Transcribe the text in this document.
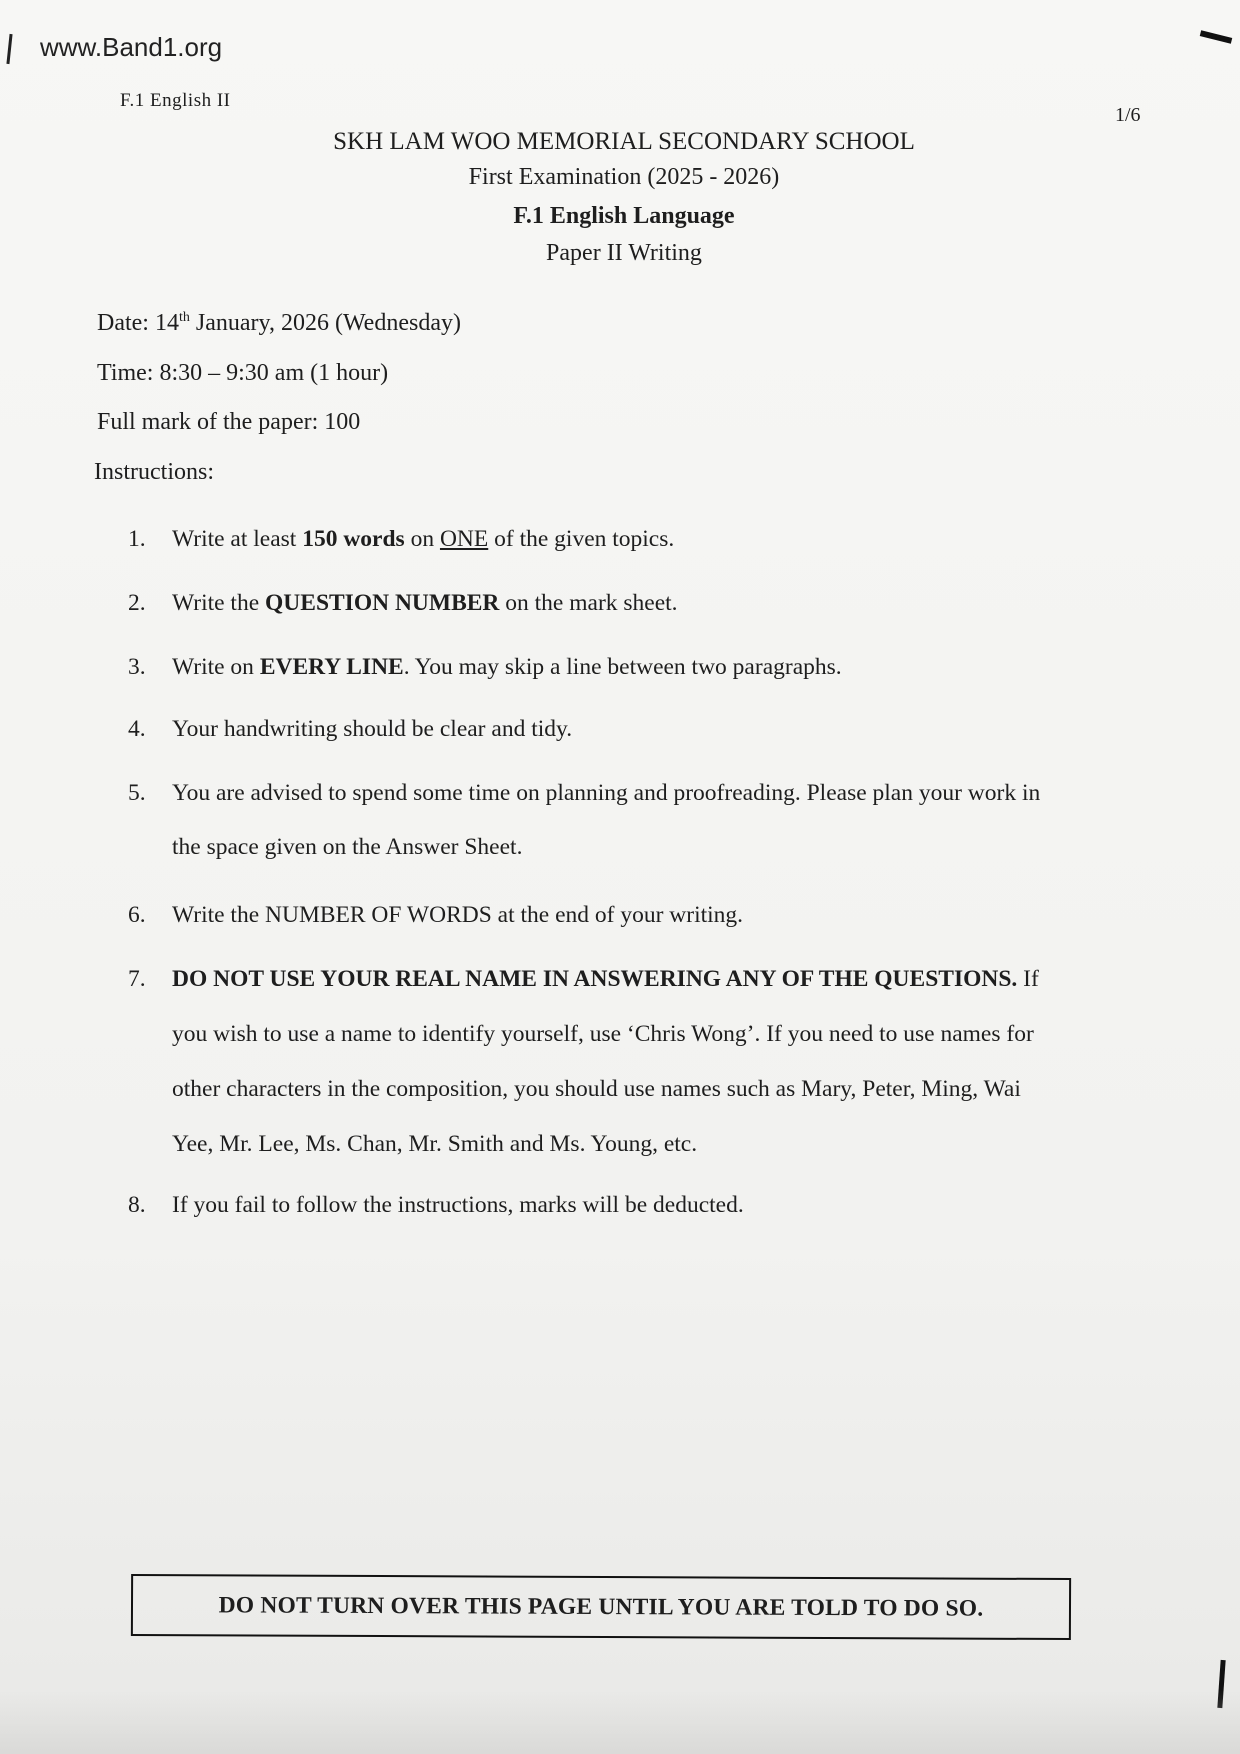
www.Band1.org
F.1 English II
1/6
SKH LAM WOO MEMORIAL SECONDARY SCHOOL
First Examination (2025 - 2026)
F.1 English Language
Paper II Writing
Date: 14th January, 2026 (Wednesday)
Time: 8:30 – 9:30 am (1 hour)
Full mark of the paper: 100
Instructions:
1.	Write at least 150 words on ONE of the given topics.
2.	Write the QUESTION NUMBER on the mark sheet.
3.	Write on EVERY LINE. You may skip a line between two paragraphs.
4.	Your handwriting should be clear and tidy.
5.	You are advised to spend some time on planning and proofreading. Please plan your work in
the space given on the Answer Sheet.
6.	Write the NUMBER OF WORDS at the end of your writing.
7.	DO NOT USE YOUR REAL NAME IN ANSWERING ANY OF THE QUESTIONS. If
you wish to use a name to identify yourself, use ‘Chris Wong’. If you need to use names for
other characters in the composition, you should use names such as Mary, Peter, Ming, Wai
Yee, Mr. Lee, Ms. Chan, Mr. Smith and Ms. Young, etc.
8.	If you fail to follow the instructions, marks will be deducted.
DO NOT TURN OVER THIS PAGE UNTIL YOU ARE TOLD TO DO SO.
